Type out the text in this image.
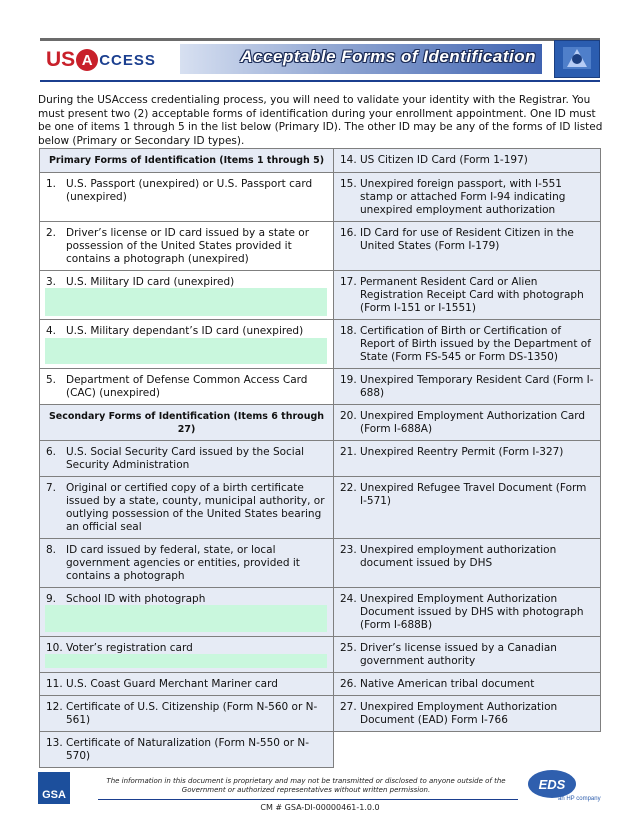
US A CCESS	Acceptable Forms of Identification

During the USAccess credentialing process, you will need to validate your identity with the Registrar. You must present two (2) acceptable forms of identification during your enrollment appointment. One ID must be one of items 1 through 5 in the list below (Primary ID). The other ID may be any of the forms of ID listed below (Primary or Secondary ID types).

Primary Forms of Identification (Items 1 through 5)	14. US Citizen ID Card (Form 1-197)

1. U.S. Passport (unexpired) or U.S. Passport card (unexpired)	15. Unexpired foreign passport, with I-551 stamp or attached Form I-94 indicating unexpired employment authorization

2. Driver’s license or ID card issued by a state or possession of the United States provided it contains a photograph (unexpired)	16. ID Card for use of Resident Citizen in the United States (Form I-179)

3. U.S. Military ID card (unexpired)	17. Permanent Resident Card or Alien Registration Receipt Card with photograph (Form I-151 or I-1551)

4. U.S. Military dependant’s ID card (unexpired)	18. Certification of Birth or Certification of Report of Birth issued by the Department of State (Form FS-545 or Form DS-1350)

5. Department of Defense Common Access Card (CAC) (unexpired)	19. Unexpired Temporary Resident Card (Form I-688)

Secondary Forms of Identification (Items 6 through 27)	20. Unexpired Employment Authorization Card (Form I-688A)

6. U.S. Social Security Card issued by the Social Security Administration	21. Unexpired Reentry Permit (Form I-327)

7. Original or certified copy of a birth certificate issued by a state, county, municipal authority, or outlying possession of the United States bearing an official seal	22. Unexpired Refugee Travel Document (Form I-571)

8. ID card issued by federal, state, or local government agencies or entities, provided it contains a photograph	23. Unexpired employment authorization document issued by DHS

9. School ID with photograph	24. Unexpired Employment Authorization Document issued by DHS with photograph (Form I-688B)

10. Voter’s registration card	25. Driver’s license issued by a Canadian government authority

11. U.S. Coast Guard Merchant Mariner card	26. Native American tribal document

12. Certificate of U.S. Citizenship (Form N-560 or N-561)	27. Unexpired Employment Authorization Document (EAD) Form I-766

13. Certificate of Naturalization (Form N-550 or N-570)	

GSA
The information in this document is proprietary and may not be transmitted or disclosed to anyone outside of the Government or authorized representatives without written permission.	EDS
an HP company
CM # GSA-DI-00000461-1.0.0
